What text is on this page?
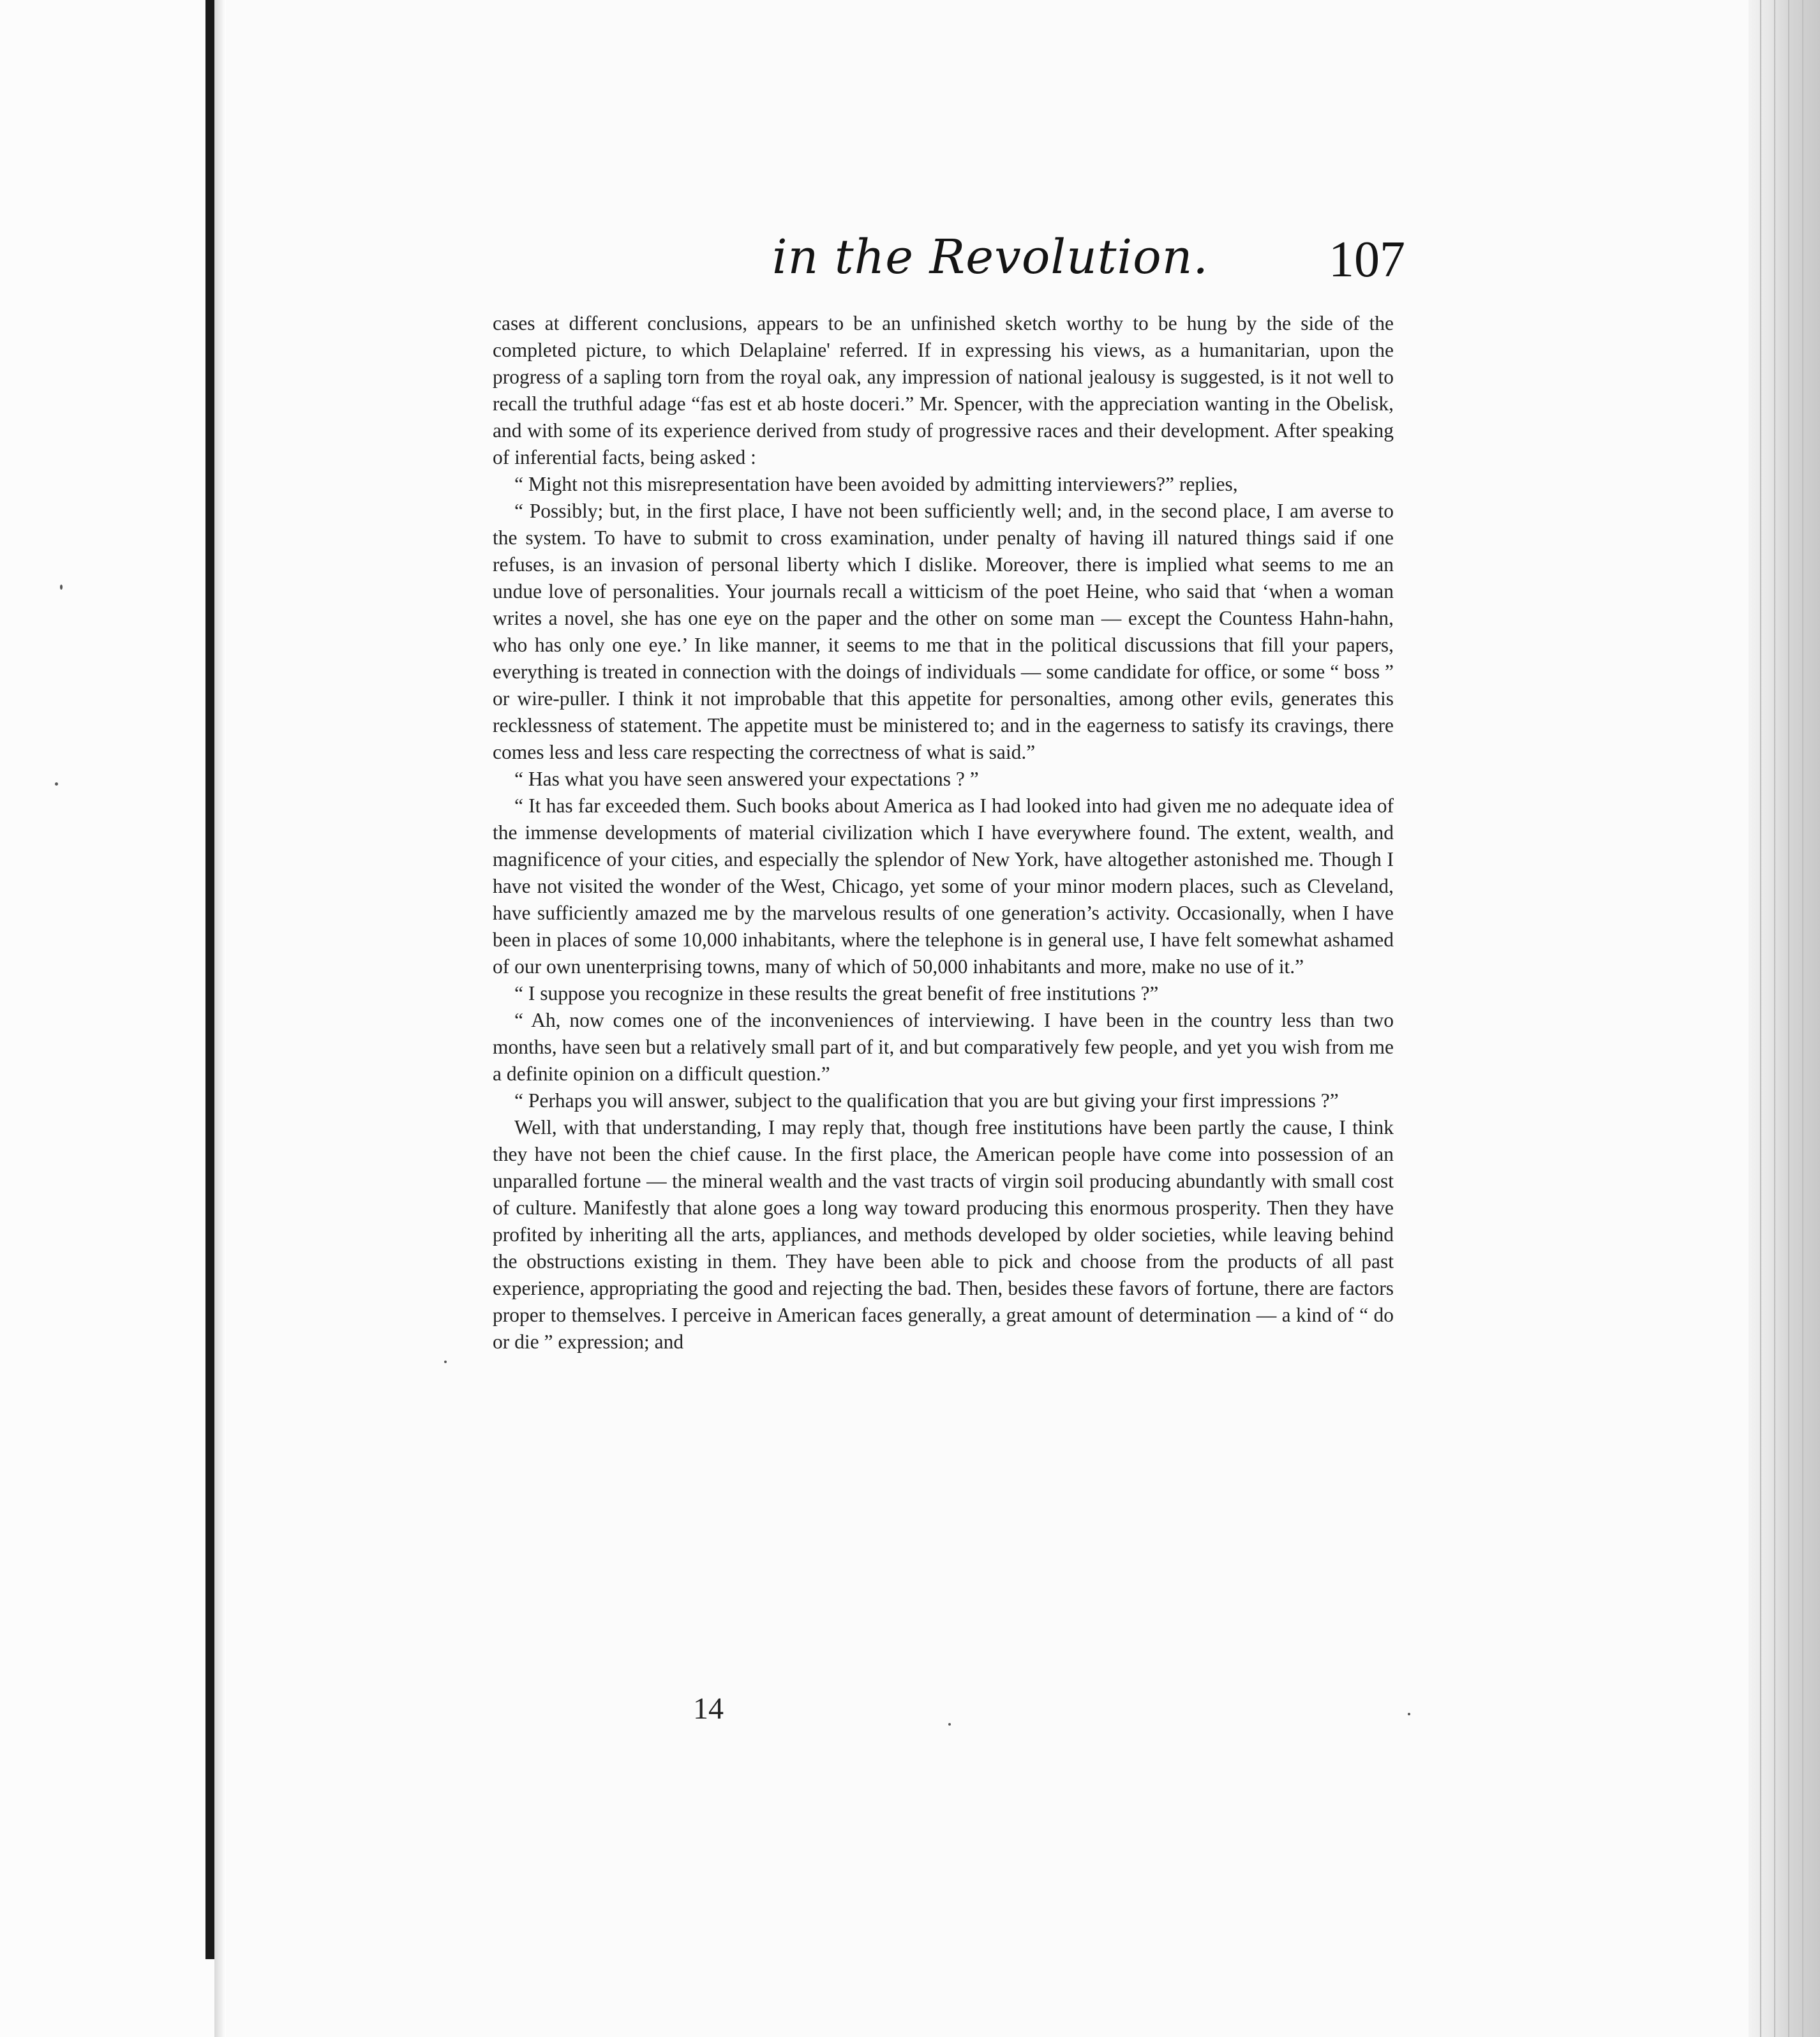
in the Revolution. 107

cases at different conclusions, appears to be an unfinished sketch worthy to be hung by the side of the completed picture, to which Delaplaine' referred. If in expressing his views, as a humanitarian, upon the progress of a sapling torn from the royal oak, any impression of national jealousy is suggested, is it not well to recall the truthful adage “fas est et ab hoste doceri.” Mr. Spencer, with the appreciation wanting in the Obelisk, and with some of its experience derived from study of progressive races and their development. After speaking of inferential facts, being asked :

“ Might not this misrepresentation have been avoided by admitting interviewers?” replies,

“ Possibly; but, in the first place, I have not been sufficiently well; and, in the second place, I am averse to the system. To have to submit to cross examination, under penalty of having ill natured things said if one refuses, is an invasion of personal liberty which I dislike. Moreover, there is implied what seems to me an undue love of personalities. Your journals recall a witticism of the poet Heine, who said that ‘when a woman writes a novel, she has one eye on the paper and the other on some man — except the Countess Hahn-hahn, who has only one eye.’ In like manner, it seems to me that in the political discussions that fill your papers, everything is treated in connection with the doings of individuals — some candidate for office, or some “ boss ” or wire-puller. I think it not improbable that this appetite for personalties, among other evils, generates this recklessness of statement. The appetite must be ministered to; and in the eagerness to satisfy its cravings, there comes less and less care respecting the correctness of what is said.”

“ Has what you have seen answered your expectations ? ”

“ It has far exceeded them. Such books about America as I had looked into had given me no adequate idea of the immense developments of material civilization which I have everywhere found. The extent, wealth, and magnificence of your cities, and especially the splendor of New York, have altogether astonished me. Though I have not visited the wonder of the West, Chicago, yet some of your minor modern places, such as Cleveland, have sufficiently amazed me by the marvelous results of one generation’s activity. Occasionally, when I have been in places of some 10,000 inhabitants, where the telephone is in general use, I have felt somewhat ashamed of our own unenterprising towns, many of which of 50,000 inhabitants and more, make no use of it.”

“ I suppose you recognize in these results the great benefit of free institutions ?”

“ Ah, now comes one of the inconveniences of interviewing. I have been in the country less than two months, have seen but a relatively small part of it, and but comparatively few people, and yet you wish from me a definite opinion on a difficult question.”

“ Perhaps you will answer, subject to the qualification that you are but giving your first impressions ?”

Well, with that understanding, I may reply that, though free institutions have been partly the cause, I think they have not been the chief cause. In the first place, the American people have come into possession of an unparalled fortune — the mineral wealth and the vast tracts of virgin soil producing abundantly with small cost of culture. Manifestly that alone goes a long way toward producing this enormous prosperity. Then they have profited by inheriting all the arts, appliances, and methods developed by older societies, while leaving behind the obstructions existing in them. They have been able to pick and choose from the products of all past experience, appropriating the good and rejecting the bad. Then, besides these favors of fortune, there are factors proper to themselves. I perceive in American faces generally, a great amount of determination — a kind of “ do or die ” expression; and

14
